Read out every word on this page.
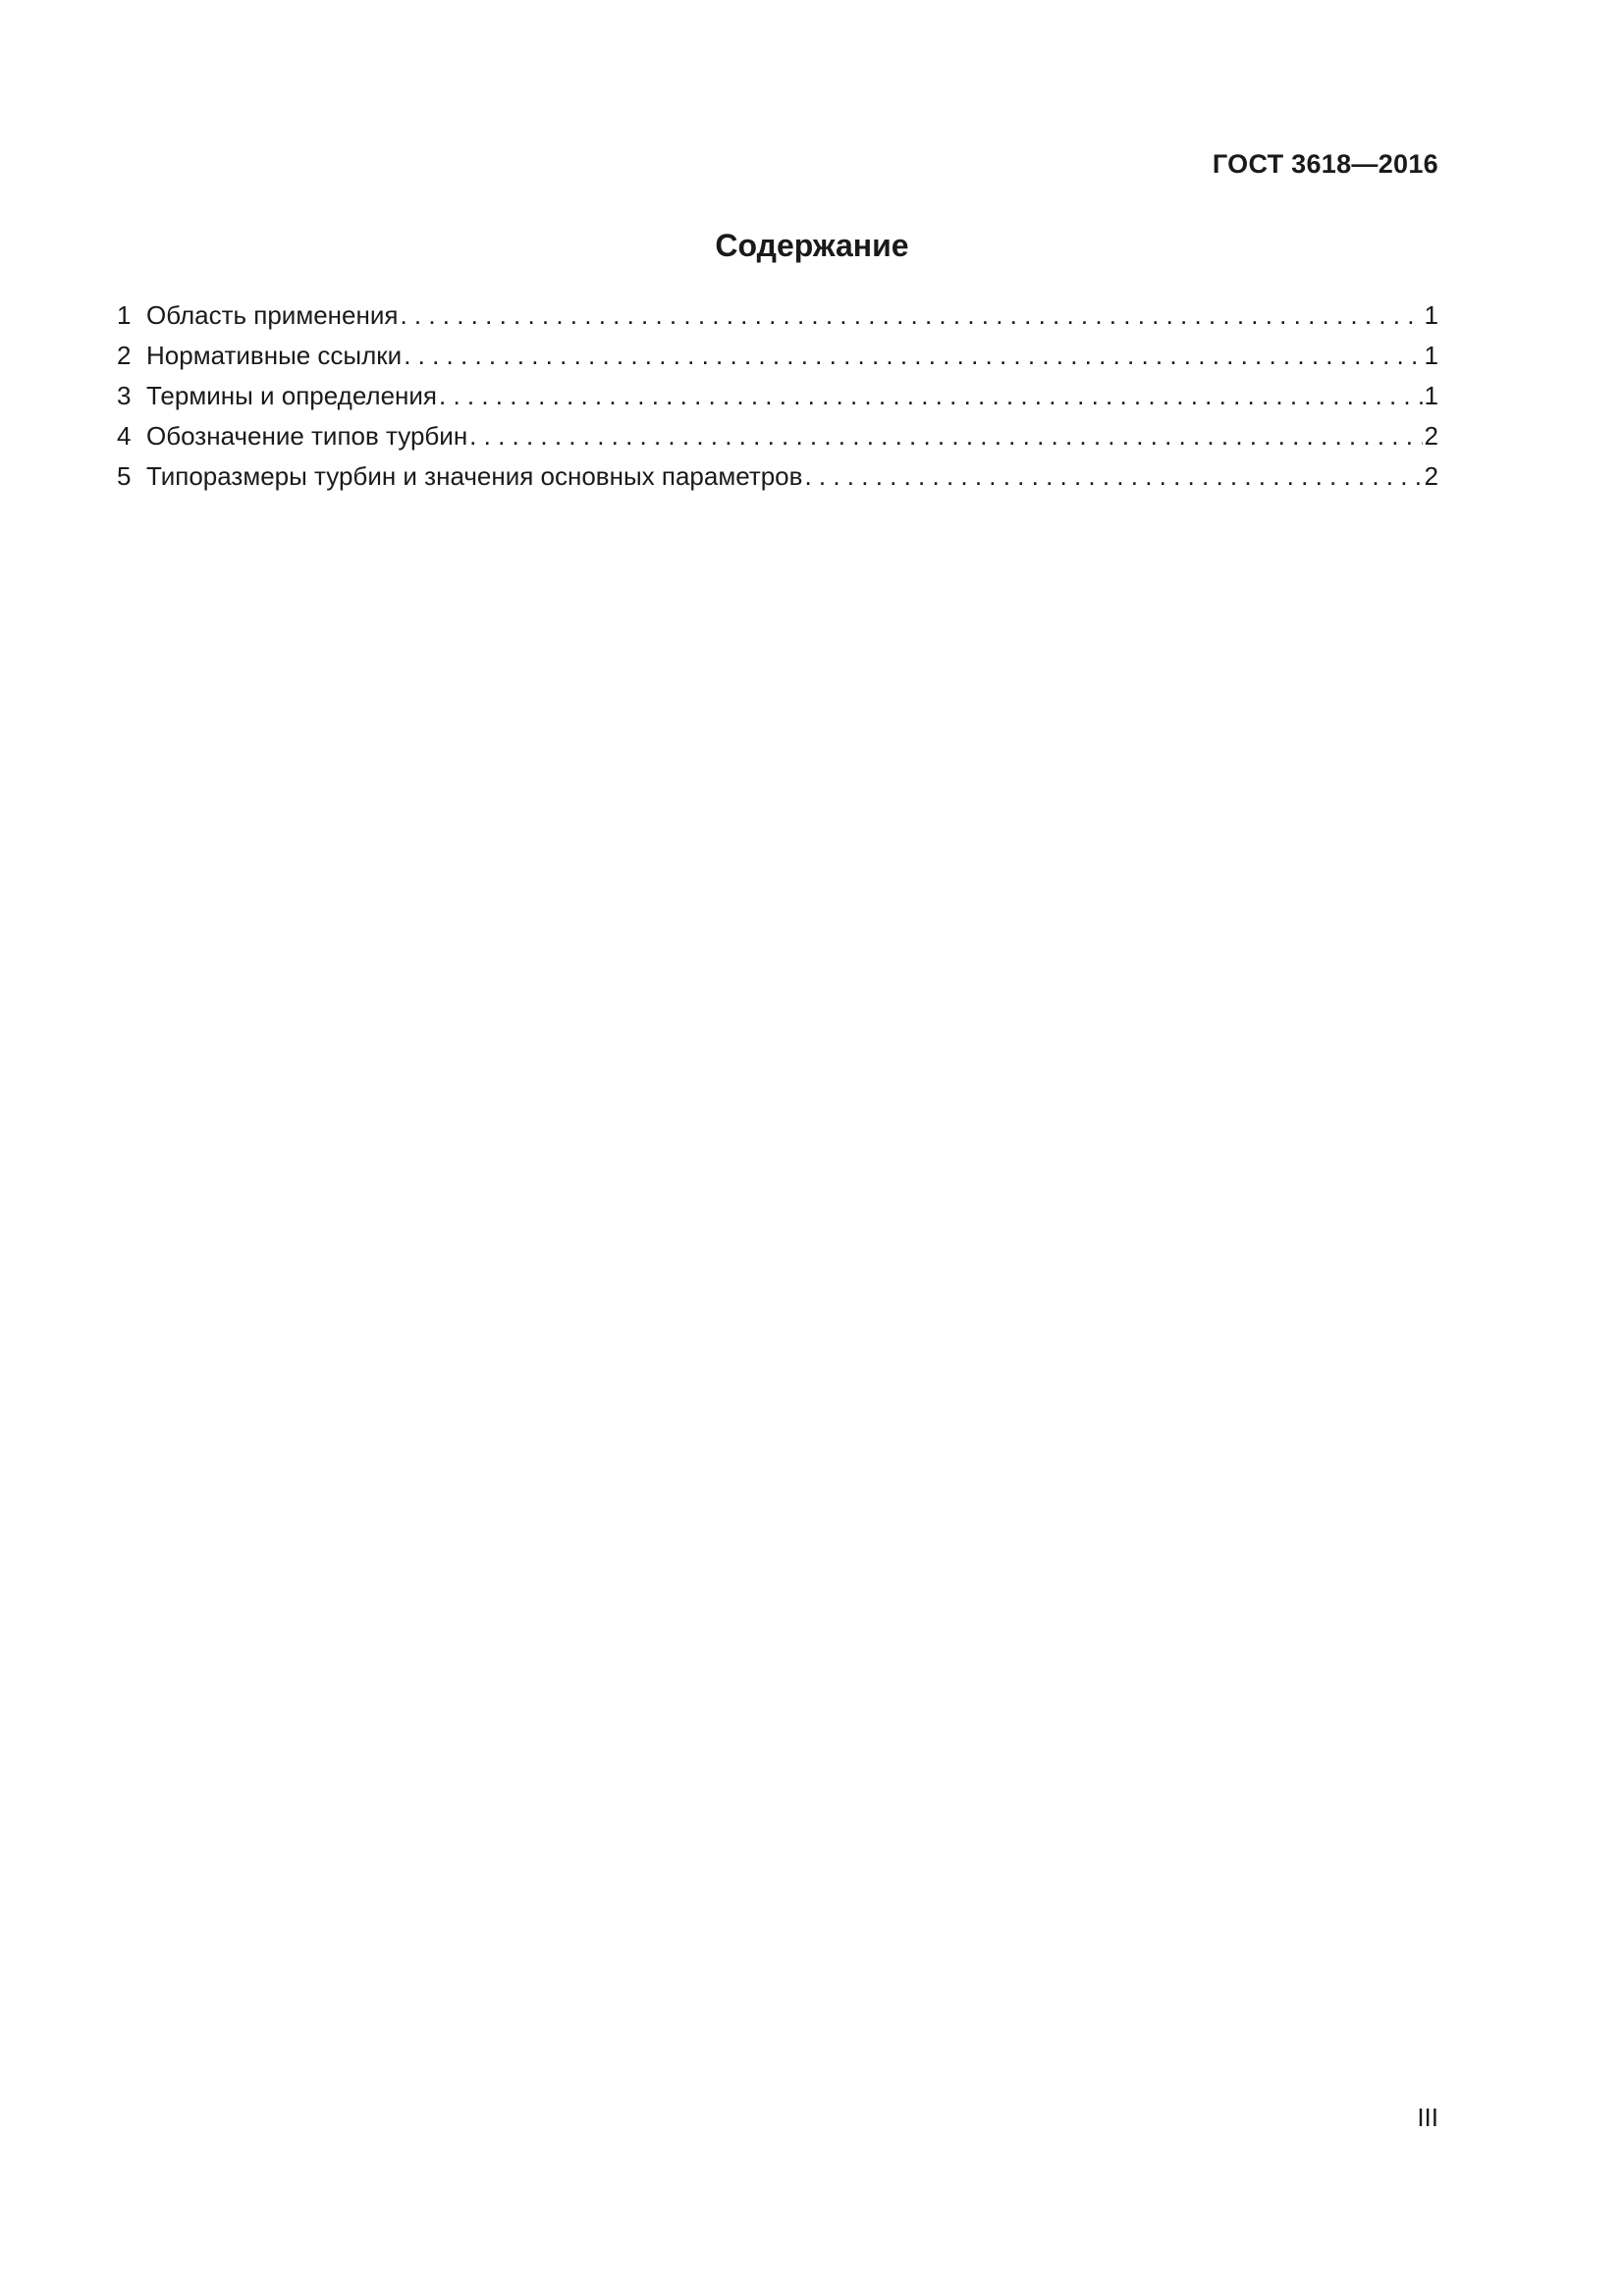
ГОСТ 3618—2016
Содержание
1 Область применения . . .	1
2 Нормативные ссылки . . .	1
3 Термины и определения . . .	1
4 Обозначение типов турбин . . .	2
5 Типоразмеры турбин и значения основных параметров . . .	2
III
